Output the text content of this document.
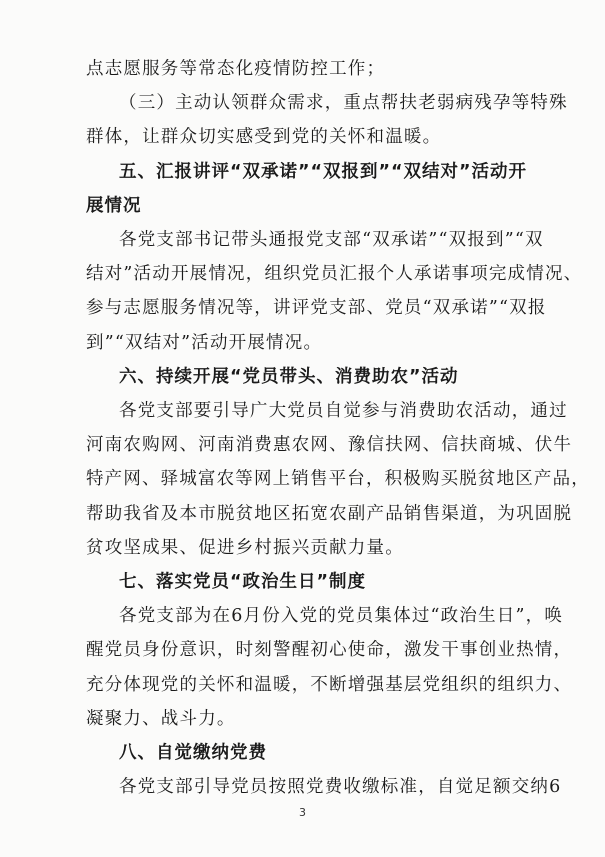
点志愿服务等常态化疫情防控工作；
（三）主动认领群众需求，重点帮扶老弱病残孕等特殊
群体，让群众切实感受到党的关怀和温暖。
五、汇报讲评“双承诺”“双报到”“双结对”活动开
展情况
各党支部书记带头通报党支部“双承诺”“双报到”“双
结对”活动开展情况，组织党员汇报个人承诺事项完成情况、
参与志愿服务情况等，讲评党支部、党员“双承诺”“双报
到”“双结对”活动开展情况。
六、持续开展“党员带头、消费助农”活动
各党支部要引导广大党员自觉参与消费助农活动，通过
河南农购网、河南消费惠农网、豫信扶网、信扶商城、伏牛
特产网、驿城富农等网上销售平台，积极购买脱贫地区产品，
帮助我省及本市脱贫地区拓宽农副产品销售渠道，为巩固脱
贫攻坚成果、促进乡村振兴贡献力量。
七、落实党员“政治生日”制度
各党支部为在6月份入党的党员集体过“政治生日”，唤
醒党员身份意识，时刻警醒初心使命，激发干事创业热情，
充分体现党的关怀和温暖，不断增强基层党组织的组织力、
凝聚力、战斗力。
八、自觉缴纳党费
各党支部引导党员按照党费收缴标准，自觉足额交纳6
3
